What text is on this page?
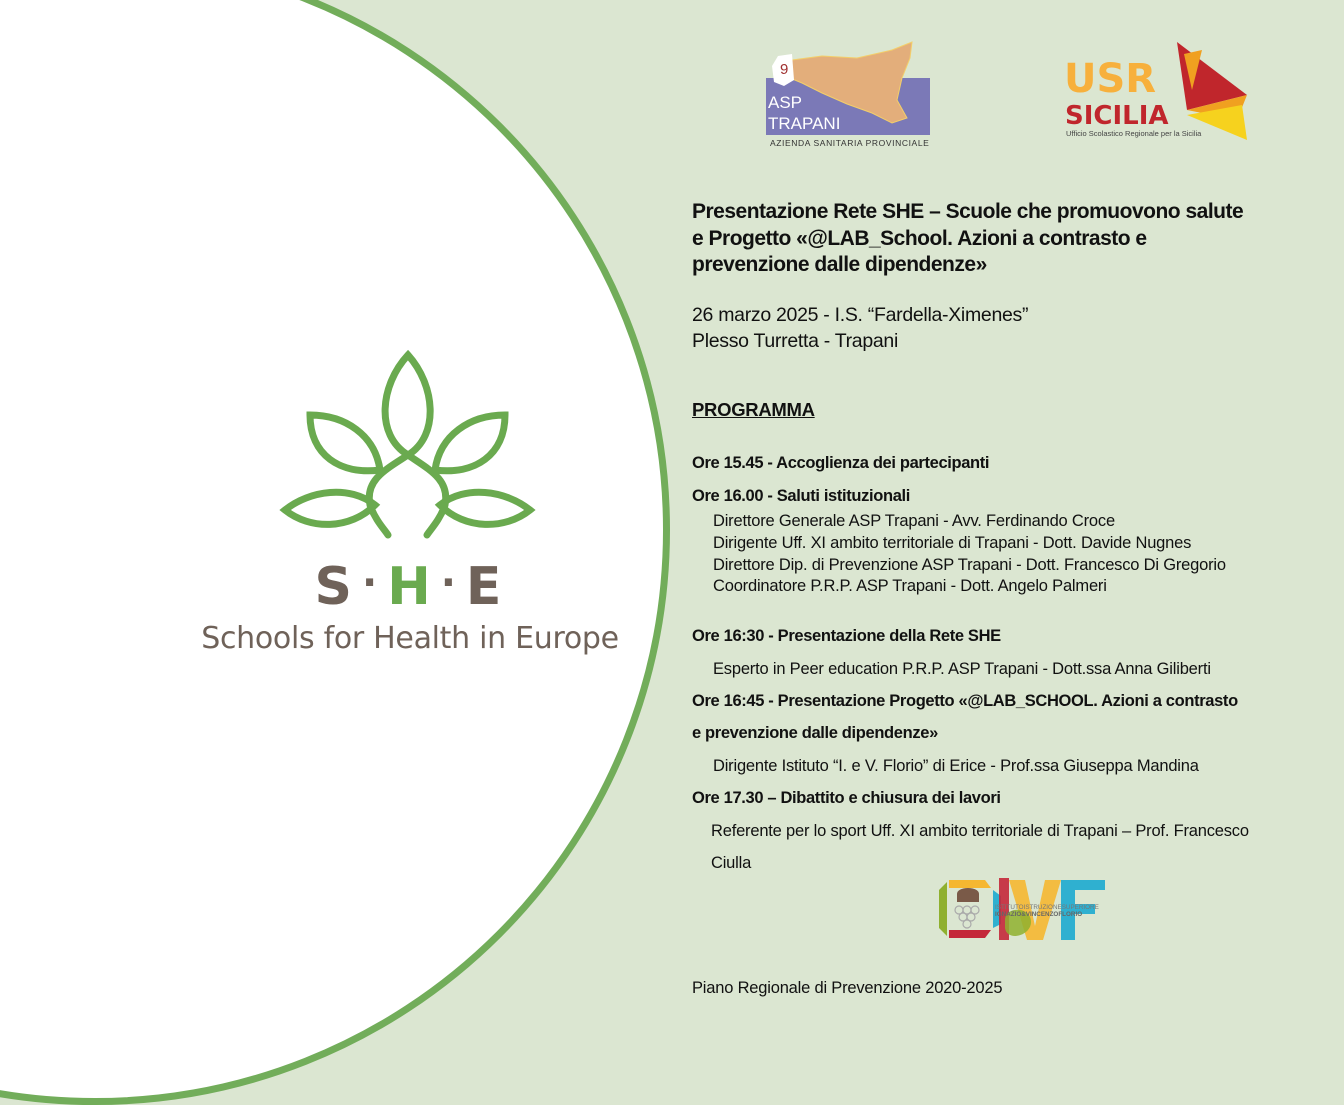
S · H · E
Schools for Health in Europe
9
ASP
TRAPANI
AZIENDA SANITARIA PROVINCIALE
USR
SICILIA
Ufficio Scolastico Regionale per la Sicilia
Presentazione Rete SHE – Scuole che promuovono salute
e Progetto «@LAB_School. Azioni a contrasto e
prevenzione dalle dipendenze»
26 marzo 2025 - I.S. “Fardella-Ximenes”
Plesso Turretta - Trapani
PROGRAMMA
Ore 15.45 - Accoglienza dei partecipanti
Ore 16.00 - Saluti istituzionali
Direttore Generale ASP Trapani - Avv. Ferdinando Croce
Dirigente Uff. XI ambito territoriale di Trapani - Dott. Davide Nugnes
Direttore Dip. di Prevenzione ASP Trapani - Dott. Francesco Di Gregorio
Coordinatore P.R.P. ASP Trapani - Dott. Angelo Palmeri
Ore 16:30 - Presentazione della Rete SHE
Esperto in Peer education P.R.P. ASP Trapani - Dott.ssa Anna Giliberti
Ore 16:45 - Presentazione Progetto «@LAB_SCHOOL. Azioni a contrasto
e prevenzione dalle dipendenze»
Dirigente Istituto “I. e V. Florio” di Erice - Prof.ssa Giuseppa Mandina
Ore 17.30 – Dibattito e chiusura dei lavori
Referente per lo sport Uff. XI ambito territoriale di Trapani – Prof. Francesco
Ciulla
ISTITUTOISTRUZIONESUPERIORE
IGNAZIO&VINCENZOFLORIO
Piano Regionale di Prevenzione 2020-2025
